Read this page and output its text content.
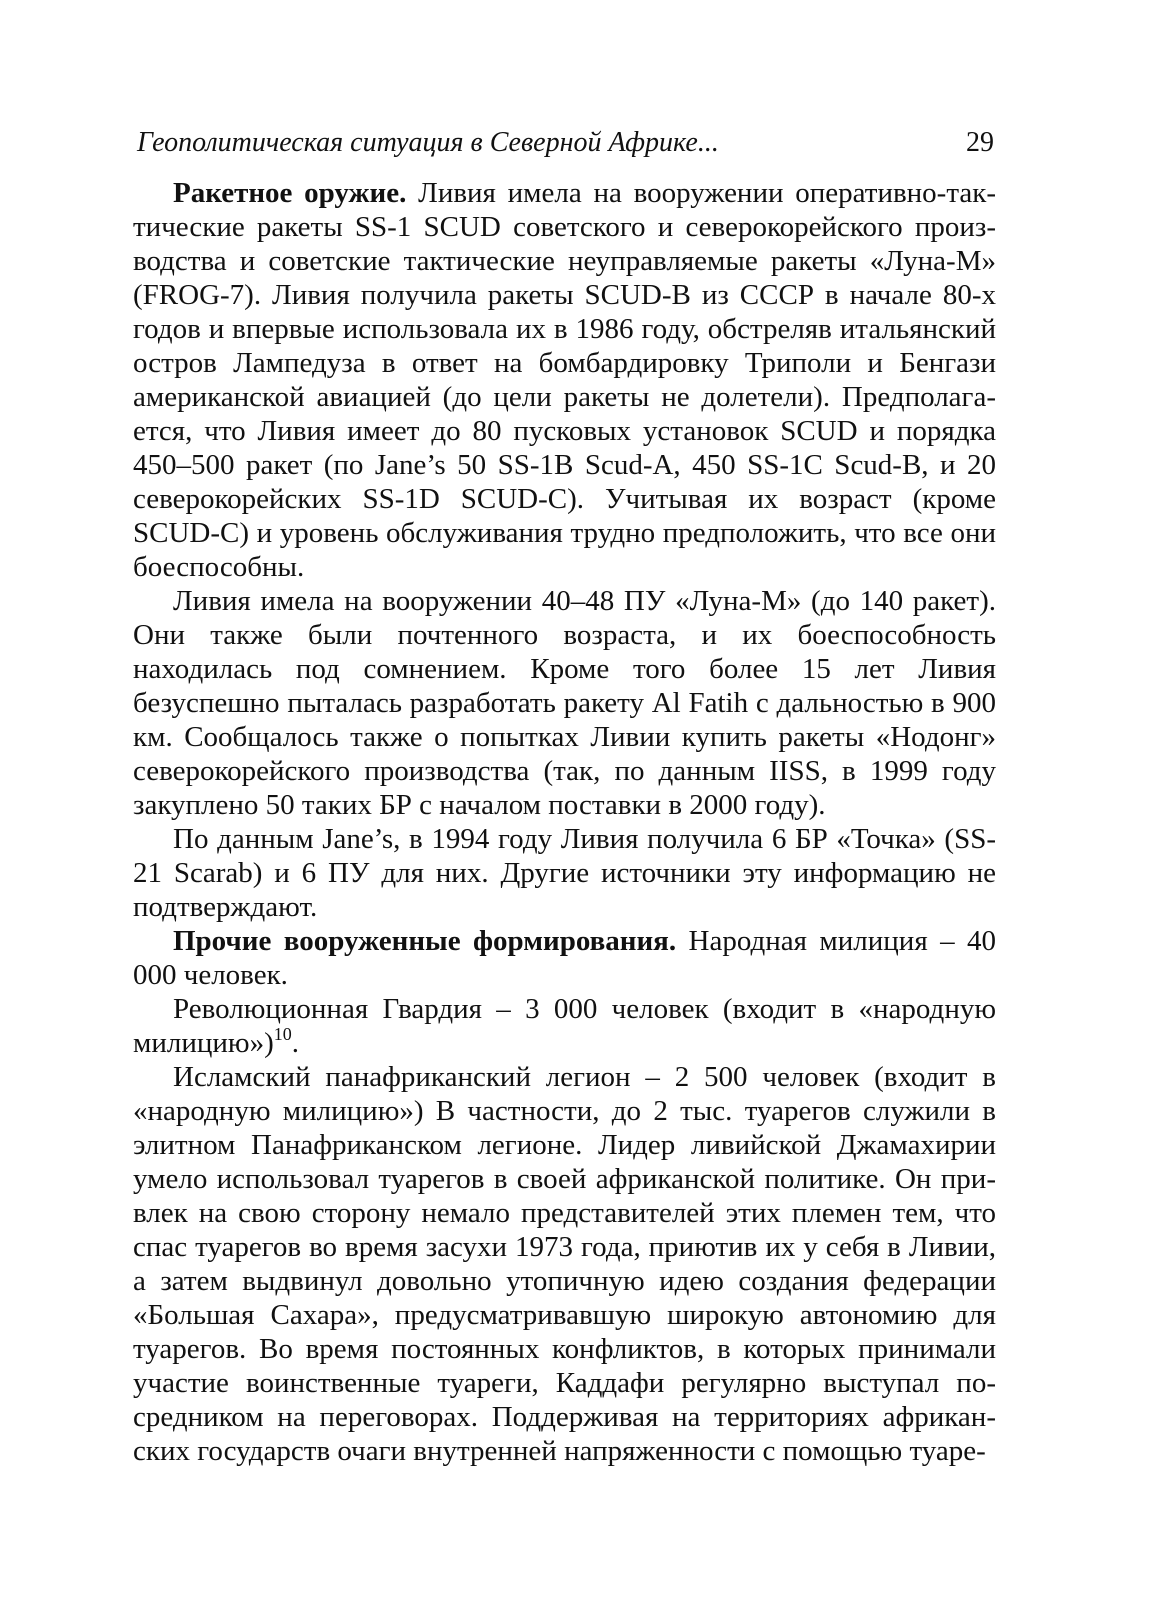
Геополитическая ситуация в Северной Африке...	29

Ракетное оружие. Ливия имела на вооружении оперативно-тактические ракеты SS-1 SCUD советского и северокорейского производства и советские тактические неуправляемые ракеты «Луна-М» (FROG-7). Ливия получила ракеты SCUD-B из СССР в начале 80-х годов и впервые использовала их в 1986 году, обстреляв итальянский остров Лампедуза в ответ на бомбардировку Триполи и Бенгази американской авиацией (до цели ракеты не долетели). Предполагается, что Ливия имеет до 80 пусковых установок SCUD и порядка 450–500 ракет (по Jane’s 50 SS-1B Scud-A, 450 SS-1C Scud-B, и 20 северокорейских SS-1D SCUD-C). Учитывая их возраст (кроме SCUD-C) и уровень обслуживания трудно предположить, что все они боеспособны.

Ливия имела на вооружении 40–48 ПУ «Луна-М» (до 140 ракет). Они также были почтенного возраста, и их боеспособность находилась под сомнением. Кроме того более 15 лет Ливия безуспешно пыталась разработать ракету Al Fatih с дальностью в 900 км. Сообщалось также о попытках Ливии купить ракеты «Нодонг» северокорейского производства (так, по данным IISS, в 1999 году закуплено 50 таких БР с началом поставки в 2000 году).

По данным Jane’s, в 1994 году Ливия получила 6 БР «Точка» (SS-21 Scarab) и 6 ПУ для них. Другие источники эту информацию не подтверждают.

Прочие вооруженные формирования. Народная милиция – 40 000 человек.

Революционная Гвардия – 3 000 человек (входит в «народную милицию»)$^{10}$.

Исламский панафриканский легион – 2 500 человек (входит в «народную милицию») В частности, до 2 тыс. туарегов служили в элитном Панафриканском легионе. Лидер ливийской Джамахирии умело использовал туарегов в своей африканской политике. Он привлек на свою сторону немало представителей этих племен тем, что спас туарегов во время засухи 1973 года, приютив их у себя в Ливии, а затем выдвинул довольно утопичную идею создания федерации «Большая Сахара», предусматривавшую широкую автономию для туарегов. Во время постоянных конфликтов, в которых принимали участие воинственные туареги, Каддафи регулярно выступал посредником на переговорах. Поддерживая на территориях африканских государств очаги внутренней напряженности с помощью туаре-
